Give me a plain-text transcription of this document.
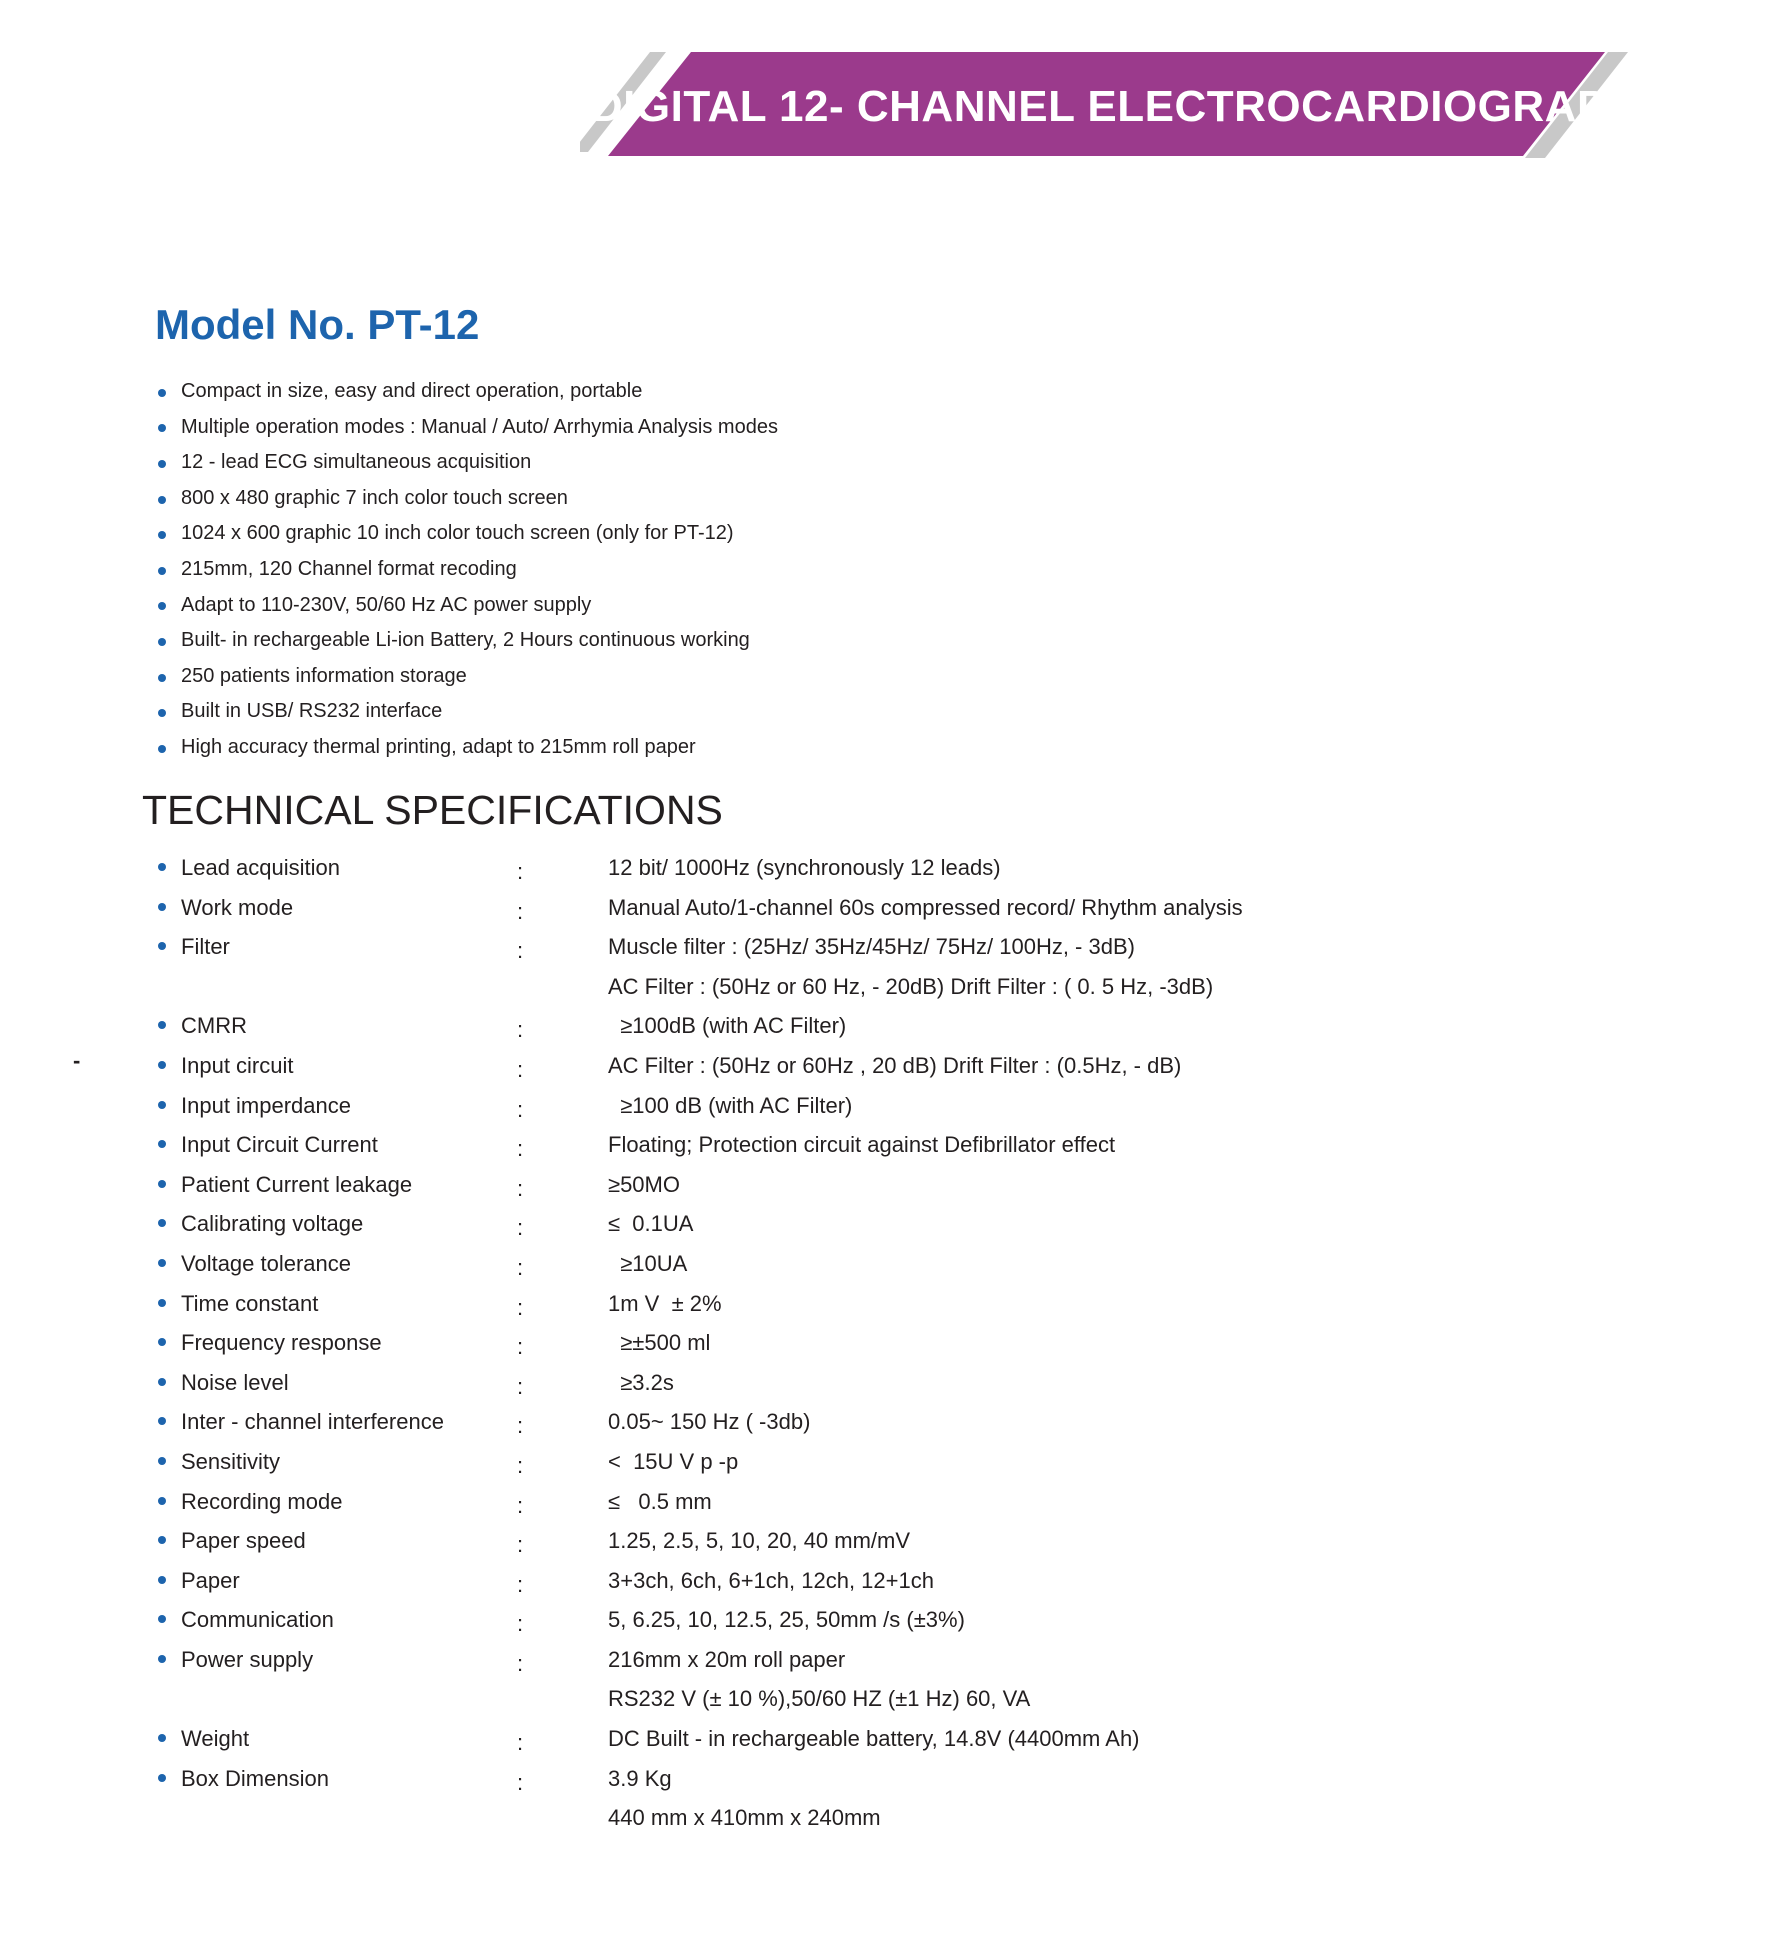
DIGITAL 12- CHANNEL ELECTROCARDIOGRAPH
Model No. PT-12
Compact in size, easy and direct operation, portable
Multiple operation modes : Manual / Auto/ Arrhymia Analysis modes
12 - lead ECG simultaneous acquisition
800 x 480 graphic 7 inch color touch screen
1024 x 600 graphic 10 inch color touch screen (only for PT-12)
215mm, 120 Channel format recoding
Adapt to 110-230V, 50/60 Hz AC power supply
Built- in rechargeable Li-ion Battery, 2 Hours continuous working
250 patients information storage
Built in USB/ RS232 interface
High accuracy thermal printing, adapt to 215mm roll paper
TECHNICAL SPECIFICATIONS
-
Lead acquisition	:	12 bit/ 1000Hz (synchronously 12 leads)
Work mode	:	Manual Auto/1-channel 60s compressed record/ Rhythm analysis
Filter	:	Muscle filter : (25Hz/ 35Hz/45Hz/ 75Hz/ 100Hz, - 3dB)
AC Filter : (50Hz or 60 Hz, - 20dB) Drift Filter : ( 0. 5 Hz, -3dB)
CMRR	:	≥100dB (with AC Filter)
Input circuit	:	AC Filter : (50Hz or 60Hz , 20 dB) Drift Filter : (0.5Hz, - dB)
Input imperdance	:	≥100 dB (with AC Filter)
Input Circuit Current	:	Floating; Protection circuit against Defibrillator effect
Patient Current leakage	:	≥50MO
Calibrating voltage	:	≤  0.1UA
Voltage tolerance	:	≥10UA
Time constant	:	1m V  ± 2%
Frequency response	:	≥±500 ml
Noise level	:	≥3.2s
Inter - channel interference	:	0.05~ 150 Hz ( -3db)
Sensitivity	:	<  15U V p -p
Recording mode	:	≤   0.5 mm
Paper speed	:	1.25, 2.5, 5, 10, 20, 40 mm/mV
Paper	:	3+3ch, 6ch, 6+1ch, 12ch, 12+1ch
Communication	:	5, 6.25, 10, 12.5, 25, 50mm /s (±3%)
Power supply	:	216mm x 20m roll paper
RS232 V (± 10 %),50/60 HZ (±1 Hz) 60, VA
Weight	:	DC Built - in rechargeable battery, 14.8V (4400mm Ah)
Box Dimension	:	3.9 Kg
440 mm x 410mm x 240mm
